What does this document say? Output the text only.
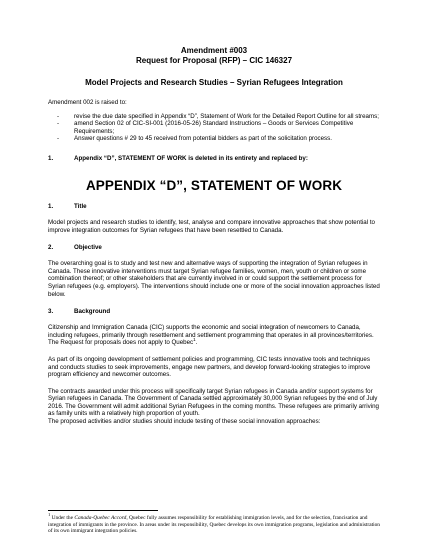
Amendment #003
Request for Proposal (RFP) – CIC 146327
Model Projects and Research Studies – Syrian Refugees Integration

Amendment 002 is raised to:

- revise the due date specified in Appendix “D”, Statement of Work for the Detailed Report Outline for all streams;
- amend Section 02 of CIC-SI-001 (2016-05-26) Standard Instructions – Goods or Services Competitive Requirements;
- Answer questions # 29 to 45 received from potential bidders as part of the solicitation process.
1.	Appendix “D”, STATEMENT OF WORK is deleted in its entirety and replaced by:
APPENDIX “D”, STATEMENT OF WORK
1.	Title

Model projects and research studies to identify, test, analyse and compare innovative approaches that show potential to improve integration outcomes for Syrian refugees that have been resettled to Canada.

2.	Objective

The overarching goal is to study and test new and alternative ways of supporting the integration of Syrian refugees in Canada. These innovative interventions must target Syrian refugee families, women, men, youth or children or some combination thereof; or other stakeholders that are currently involved in or could support the settlement process for Syrian refugees (e.g. employers). The interventions should include one or more of the social innovation approaches listed below.

3.	Background

Citizenship and Immigration Canada (CIC) supports the economic and social integration of newcomers to Canada, including refugees, primarily through resettlement and settlement programming that operates in all provinces/territories. The Request for proposals does not apply to Quebec$^1$.

As part of its ongoing development of settlement policies and programming, CIC tests innovative tools and techniques and conducts studies to seek improvements, engage new partners, and develop forward-looking strategies to improve program efficiency and newcomer outcomes.

The contracts awarded under this process will specifically target Syrian refugees in Canada and/or support systems for Syrian refugees in Canada. The Government of Canada settled approximately 30,000 Syrian refugees by the end of July 2016. The Government will admit additional Syrian Refugees in the coming months. These refugees are primarily arriving as family units with a relatively high proportion of youth.

The proposed activities and/or studies should include testing of these social innovation approaches:

$^1$ Under the Canada-Quebec Accord, Quebec fully assumes responsibility for establishing immigration levels, and for the selection, francisation and integration of immigrants in the province. In areas under its responsibility, Quebec develops its own immigration programs, legislation and administration of its own immigrant integration policies.
